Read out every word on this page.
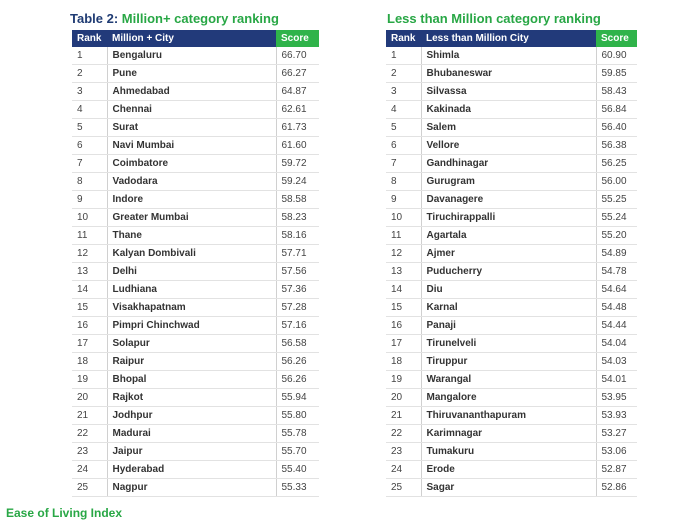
Table 2: Million+ category ranking	Less than Million category ranking
Rank	Million + City	Score
1	Bengaluru	66.70
2	Pune	66.27
3	Ahmedabad	64.87
4	Chennai	62.61
5	Surat	61.73
6	Navi Mumbai	61.60
7	Coimbatore	59.72
8	Vadodara	59.24
9	Indore	58.58
10	Greater Mumbai	58.23
11	Thane	58.16
12	Kalyan Dombivali	57.71
13	Delhi	57.56
14	Ludhiana	57.36
15	Visakhapatnam	57.28
16	Pimpri Chinchwad	57.16
17	Solapur	56.58
18	Raipur	56.26
19	Bhopal	56.26
20	Rajkot	55.94
21	Jodhpur	55.80
22	Madurai	55.78
23	Jaipur	55.70
24	Hyderabad	55.40
25	Nagpur	55.33
Rank	Less than Million City	Score
1	Shimla	60.90
2	Bhubaneswar	59.85
3	Silvassa	58.43
4	Kakinada	56.84
5	Salem	56.40
6	Vellore	56.38
7	Gandhinagar	56.25
8	Gurugram	56.00
9	Davanagere	55.25
10	Tiruchirappalli	55.24
11	Agartala	55.20
12	Ajmer	54.89
13	Puducherry	54.78
14	Diu	54.64
15	Karnal	54.48
16	Panaji	54.44
17	Tirunelveli	54.04
18	Tiruppur	54.03
19	Warangal	54.01
20	Mangalore	53.95
21	Thiruvananthapuram	53.93
22	Karimnagar	53.27
23	Tumakuru	53.06
24	Erode	52.87
25	Sagar	52.86
Ease of Living Index
